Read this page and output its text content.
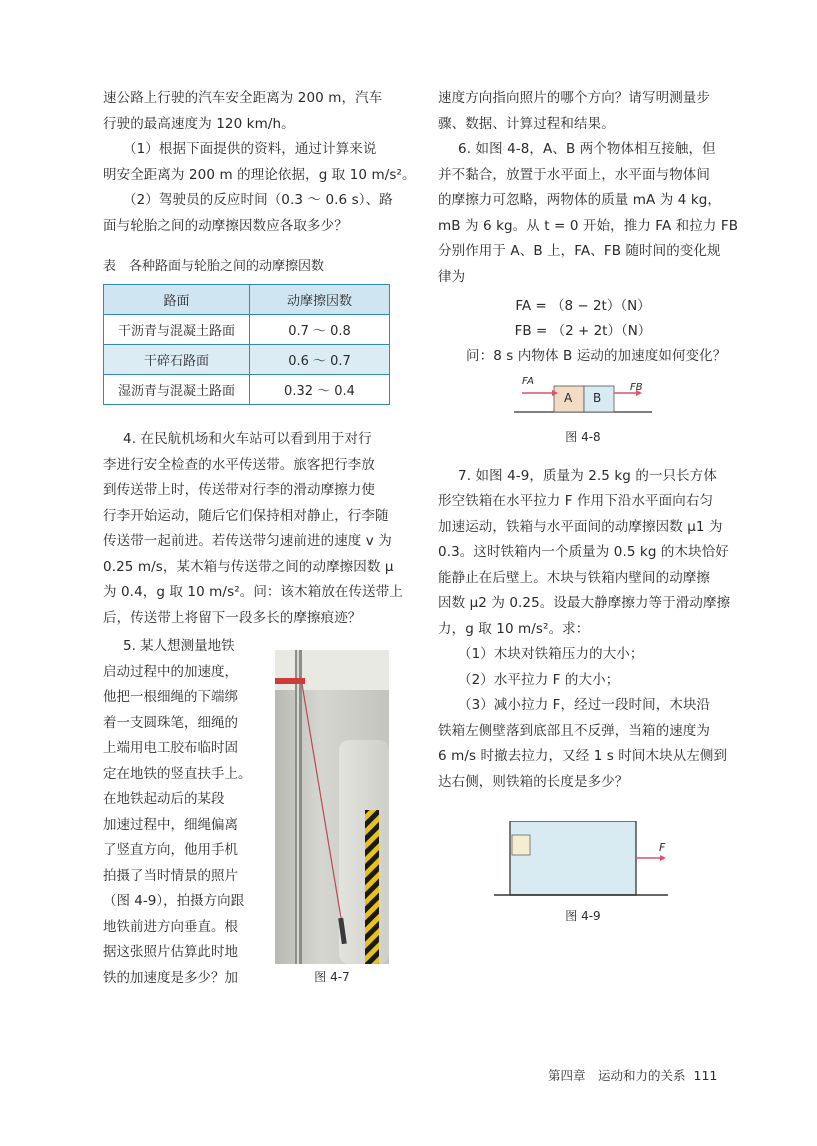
速公路上行驶的汽车安全距离为 200 m，汽车

行驶的最高速度为 120 km/h。

（1）根据下面提供的资料，通过计算来说

明安全距离为 200 m 的理论依据，g 取 10 m/s²。

（2）驾驶员的反应时间（0.3 ～ 0.6 s）、路

面与轮胎之间的动摩擦因数应各取多少？

表　各种路面与轮胎之间的动摩擦因数
路面	动摩擦因数
干沥青与混凝土路面	0.7 ～ 0.8
干碎石路面	0.6 ～ 0.7
湿沥青与混凝土路面	0.32 ～ 0.4

4. 在民航机场和火车站可以看到用于对行

李进行安全检查的水平传送带。旅客把行李放

到传送带上时，传送带对行李的滑动摩擦力使

行李开始运动，随后它们保持相对静止，行李随

传送带一起前进。若传送带匀速前进的速度 v 为

0.25 m/s，某木箱与传送带之间的动摩擦因数 μ

为 0.4，g 取 10 m/s²。问：该木箱放在传送带上

后，传送带上将留下一段多长的摩擦痕迹？

5. 某人想测量地铁

启动过程中的加速度，

他把一根细绳的下端绑

着一支圆珠笔，细绳的

上端用电工胶布临时固

定在地铁的竖直扶手上。

在地铁起动后的某段

加速过程中，细绳偏离

了竖直方向，他用手机

拍摄了当时情景的照片

（图 4-9），拍摄方向跟

地铁前进方向垂直。根

据这张照片估算此时地

铁的加速度是多少？加	图 4-7

速度方向指向照片的哪个方向？请写明测量步

骤、数据、计算过程和结果。

6. 如图 4-8，A、B 两个物体相互接触，但

并不黏合，放置于水平面上，水平面与物体间

的摩擦力可忽略，两物体的质量 mA 为 4 kg，

mB 为 6 kg。从 t = 0 开始，推力 FA 和拉力 FB

分别作用于 A、B 上，FA、FB 随时间的变化规

律为

FA = （8 − 2t）（N）
FB = （2 + 2t）（N）

问：8 s 内物体 B 运动的加速度如何变化？

FA
A B
FB
图 4-8

7. 如图 4-9，质量为 2.5 kg 的一只长方体

形空铁箱在水平拉力 F 作用下沿水平面向右匀

加速运动，铁箱与水平面间的动摩擦因数 μ1 为

0.3。这时铁箱内一个质量为 0.5 kg 的木块恰好

能静止在后壁上。木块与铁箱内壁间的动摩擦

因数 μ2 为 0.25。设最大静摩擦力等于滑动摩擦

力，g 取 10 m/s²。求：

（1）木块对铁箱压力的大小；

（2）水平拉力 F 的大小；

（3）减小拉力 F，经过一段时间，木块沿

铁箱左侧壁落到底部且不反弹，当箱的速度为

6 m/s 时撤去拉力，又经 1 s 时间木块从左侧到

达右侧，则铁箱的长度是多少？

F
图 4-9
第四章　运动和力的关系 111
